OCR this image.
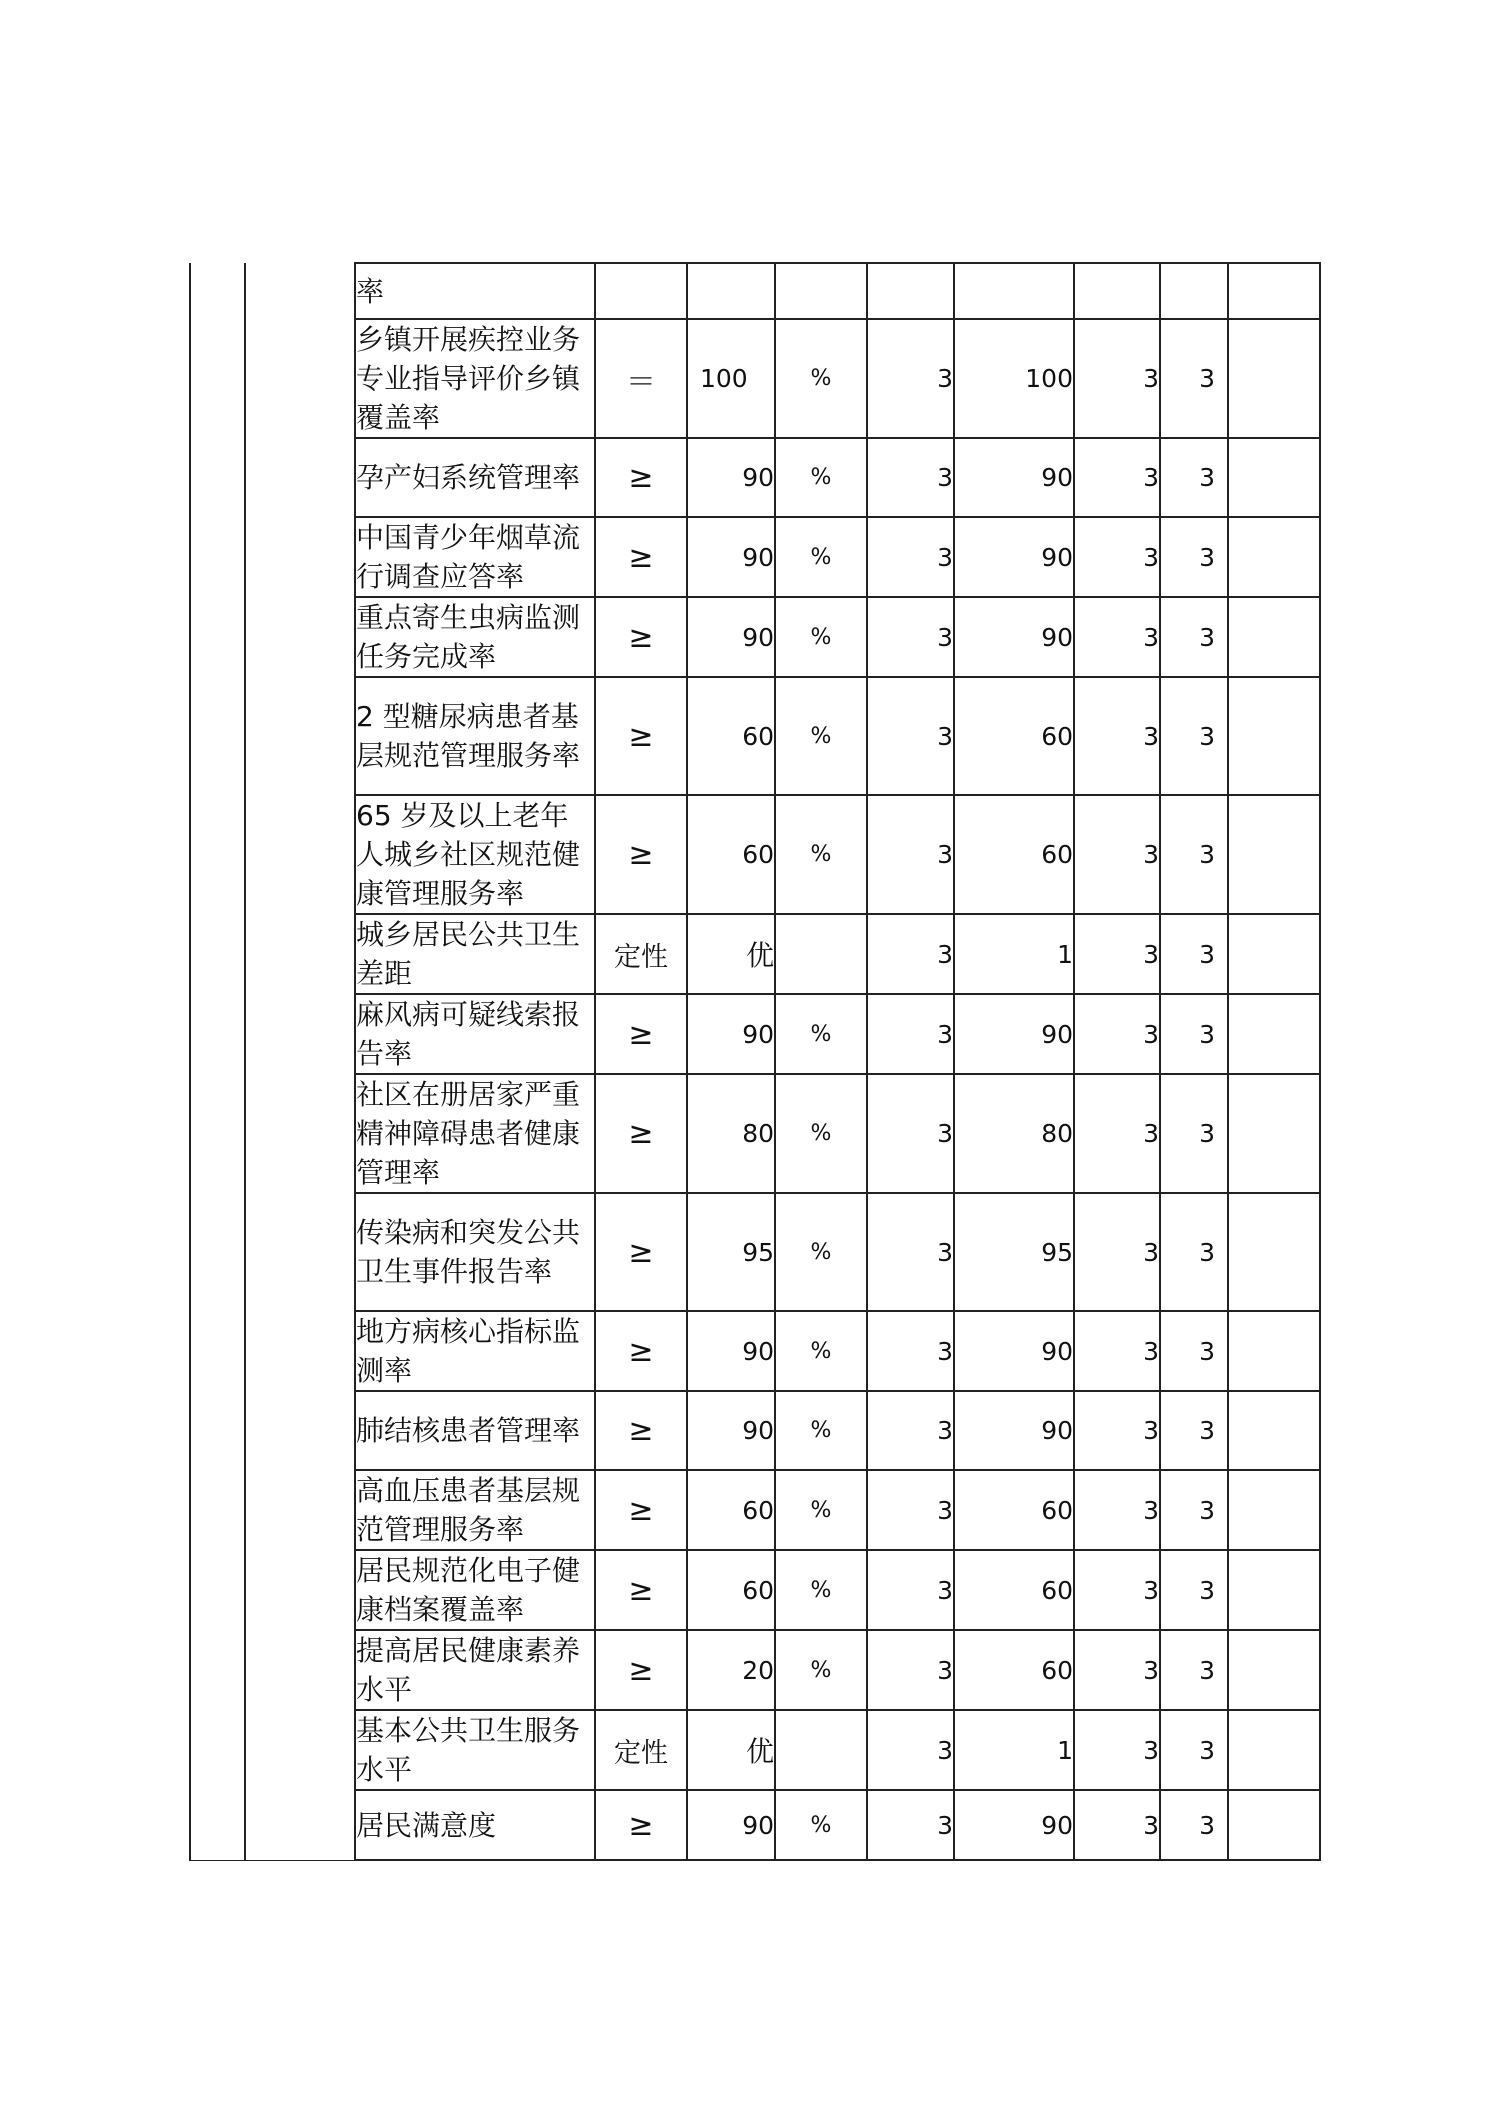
		率								
		乡镇开展疾控业务专业指导评价乡镇覆盖率	＝	100	%	3	100	3	3	
		孕产妇系统管理率	≥	90	%	3	90	3	3	
		中国青少年烟草流行调查应答率	≥	90	%	3	90	3	3	
		重点寄生虫病监测任务完成率	≥	90	%	3	90	3	3	
		2 型糖尿病患者基层规范管理服务率	≥	60	%	3	60	3	3	
		65 岁及以上老年人城乡社区规范健康管理服务率	≥	60	%	3	60	3	3	
		城乡居民公共卫生差距	定性	优		3	1	3	3	
		麻风病可疑线索报告率	≥	90	%	3	90	3	3	
		社区在册居家严重精神障碍患者健康管理率	≥	80	%	3	80	3	3	
		传染病和突发公共卫生事件报告率	≥	95	%	3	95	3	3	
		地方病核心指标监测率	≥	90	%	3	90	3	3	
		肺结核患者管理率	≥	90	%	3	90	3	3	
		高血压患者基层规范管理服务率	≥	60	%	3	60	3	3	
		居民规范化电子健康档案覆盖率	≥	60	%	3	60	3	3	
		提高居民健康素养水平	≥	20	%	3	60	3	3	
		基本公共卫生服务水平	定性	优		3	1	3	3	
		居民满意度	≥	90	%	3	90	3	3	
